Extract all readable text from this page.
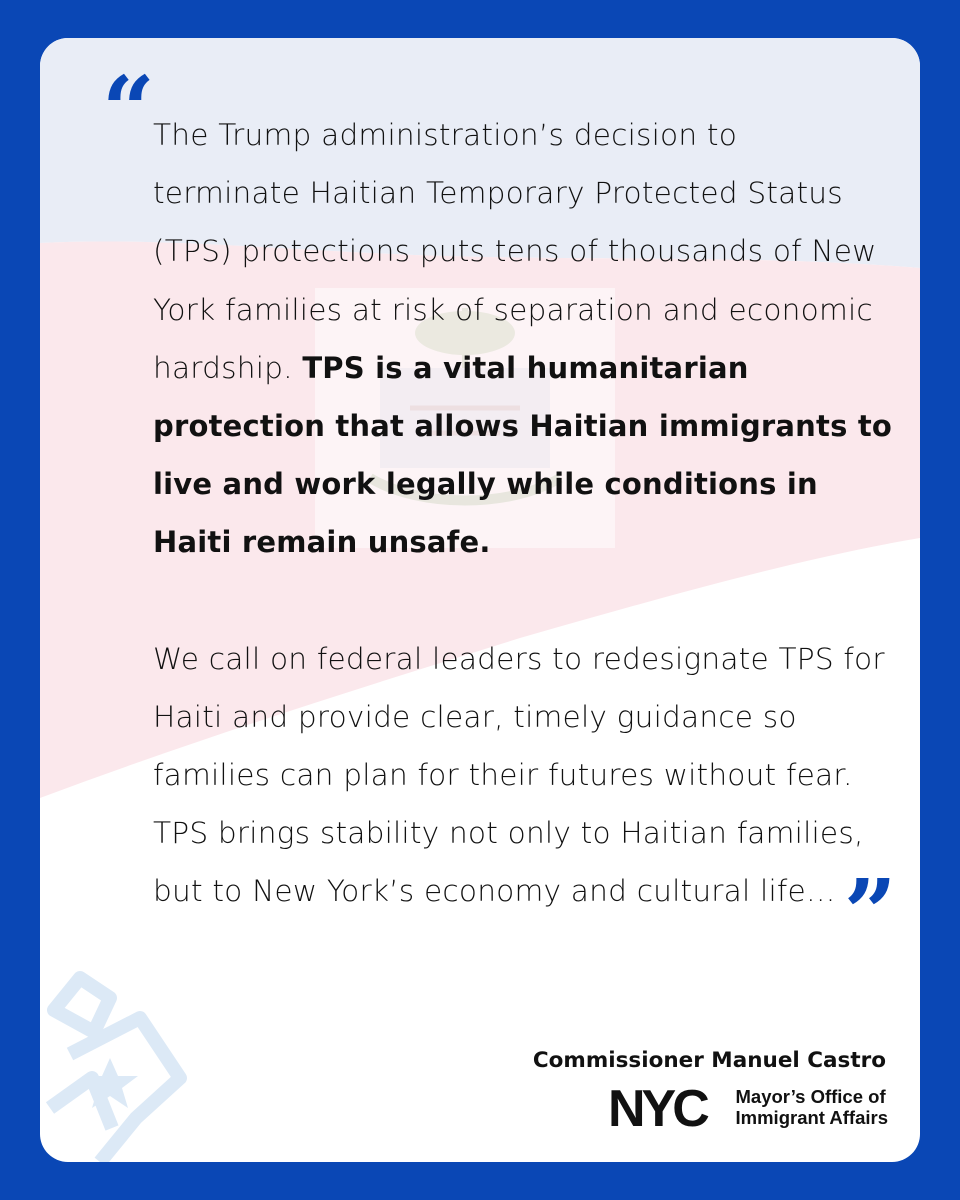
“ The Trump administration’s decision to terminate Haitian Temporary Protected Status (TPS) protections puts tens of thousands of New York families at risk of separation and economic hardship. TPS is a vital humanitarian protection that allows Haitian immigrants to live and work legally while conditions in Haiti remain unsafe.

We call on federal leaders to redesignate TPS for Haiti and provide clear, timely guidance so families can plan for their futures without fear. TPS brings stability not only to Haitian families, but to New York’s economy and cultural life…”

Commissioner Manuel Castro
NYC Mayor’s Office of
Immigrant Affairs
